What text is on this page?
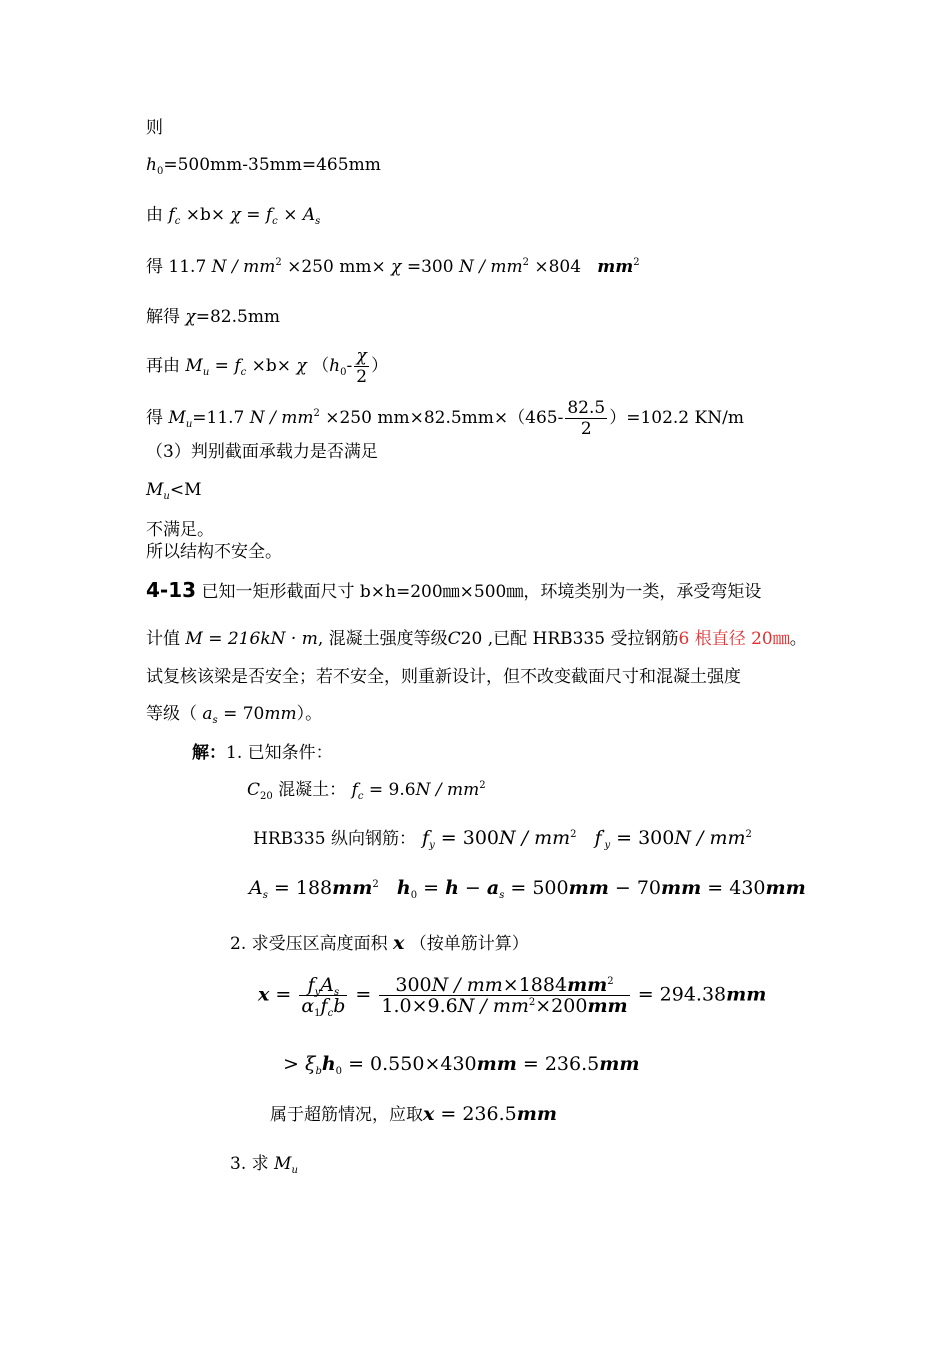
则
$h_0=500mm-35mm=465mm$
由 $f_c \times b\times \chi = f_c \times A_s$
得 11.7 $N / mm^2 \times 250$ mm× χ =300 $N / mm^2 \times 804$ $mm^2$
解得 χ=82.5mm
再由 $M_u = f_c \times b\times \chi$ （$h_0- \frac{\chi}{2}$ ）
得 $M_u=11.7$ $N / mm^2 \times 250$ $mm\times 82.5mm\times(465- \frac{82.5}{2} )=102.2$ KN/m
（3）判别截面承载力是否满足
$M_u<M$
不满足。
所以结构不安全。
4-13 已知一矩形截面尺寸 b×h=200㎜×500㎜，环境类别为一类，承受弯矩设
计值 M = 216kN · m, 混凝土强度等级C20 ,已配 HRB335 受拉钢筋6 根直径 20㎜。
试复核该梁是否安全；若不安全，则重新设计，但不改变截面尺寸和混凝土强度
等级（ $a_s = 70mm$）。
解：1. 已知条件：
$C_{20}$ 混凝土： $f_c = 9.6N / mm^2$
HRB335 纵向钢筋： $f_y = 300N / mm^2$ $f'_y = 300N / mm^2$
$A_s = 188mm^2$ $h_0 = h - a_s = 500mm - 70mm = 430mm$
2. 求受压区高度面积 x （按单筋计算）
$x = \frac{f_yA_s}{\alpha_1f_cb} = \frac{300N / mm\times 1884mm^2}{1.0\times 9.6N / mm^2\times 200mm} = 294.38mm$
> $\xi_bh_0 = 0.550\times 430mm = 236.5mm$
属于超筋情况，应取x = 236.5mm
3. 求 $M_u$
